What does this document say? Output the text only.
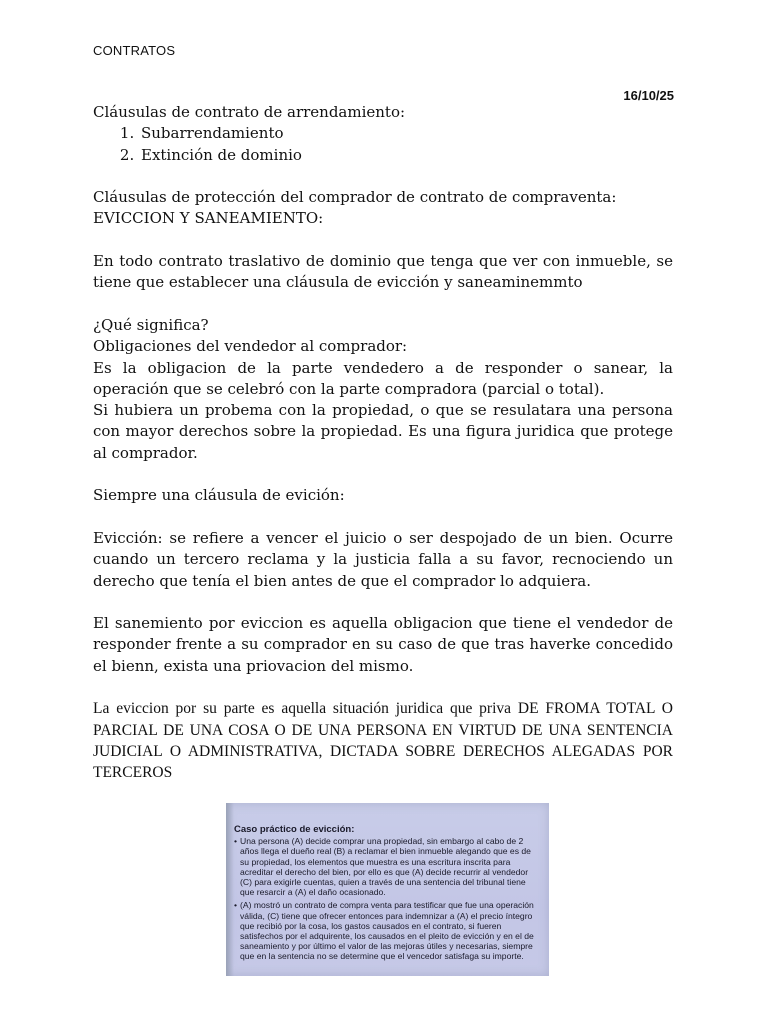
CONTRATOS
16/10/25

Cláusulas de contrato de arrendamiento:

1. Subarrendamiento
2. Extinción de dominio

Cláusulas de protección del comprador de contrato de compraventa:

EVICCION Y SANEAMIENTO:

En todo contrato traslativo de dominio que tenga que ver con inmueble, se tiene que establecer una cláusula de evicción y saneaminemmto

¿Qué significa?

Obligaciones del vendedor al comprador:

Es la obligacion de la parte vendedero a de responder o sanear, la operación que se celebró con la parte compradora (parcial o total).

Si hubiera un probema con la propiedad, o que se resulatara una persona con mayor derechos sobre la propiedad. Es una figura juridica que protege al comprador.

Siempre una cláusula de evición:

Evicción: se refiere a vencer el juicio o ser despojado de un bien. Ocurre cuando un tercero reclama y la justicia falla a su favor, recnociendo un derecho que tenía el bien antes de que el comprador lo adquiera.

El sanemiento por eviccion es aquella obligacion que tiene el vendedor de responder frente a su comprador en su caso de que tras haverke concedido el bienn, exista una priovacion del mismo.

La eviccion por su parte es aquella situación juridica que priva DE FROMA TOTAL O PARCIAL DE UNA COSA O DE UNA PERSONA EN VIRTUD DE UNA SENTENCIA JUDICIAL O ADMINISTRATIVA, DICTADA SOBRE DERECHOS ALEGADAS POR TERCEROS

Caso práctico de evicción:
• Una persona (A) decide comprar una propiedad, sin embargo al cabo de 2 años llega el dueño real (B) a reclamar el bien inmueble alegando que es de su propiedad, los elementos que muestra es una escritura inscrita para acreditar el derecho del bien, por ello es que (A) decide recurrir al vendedor (C) para exigirle cuentas, quien a través de una sentencia del tribunal tiene que resarcir a (A) el daño ocasionado.
• (A) mostró un contrato de compra venta para testificar que fue una operación válida, (C) tiene que ofrecer entonces para indemnizar a (A) el precio íntegro que recibió por la cosa, los gastos causados en el contrato, si fueren satisfechos por el adquirente, los causados en el pleito de evicción y en el de saneamiento y por último el valor de las mejoras útiles y necesarias, siempre que en la sentencia no se determine que el vencedor satisfaga su importe.
